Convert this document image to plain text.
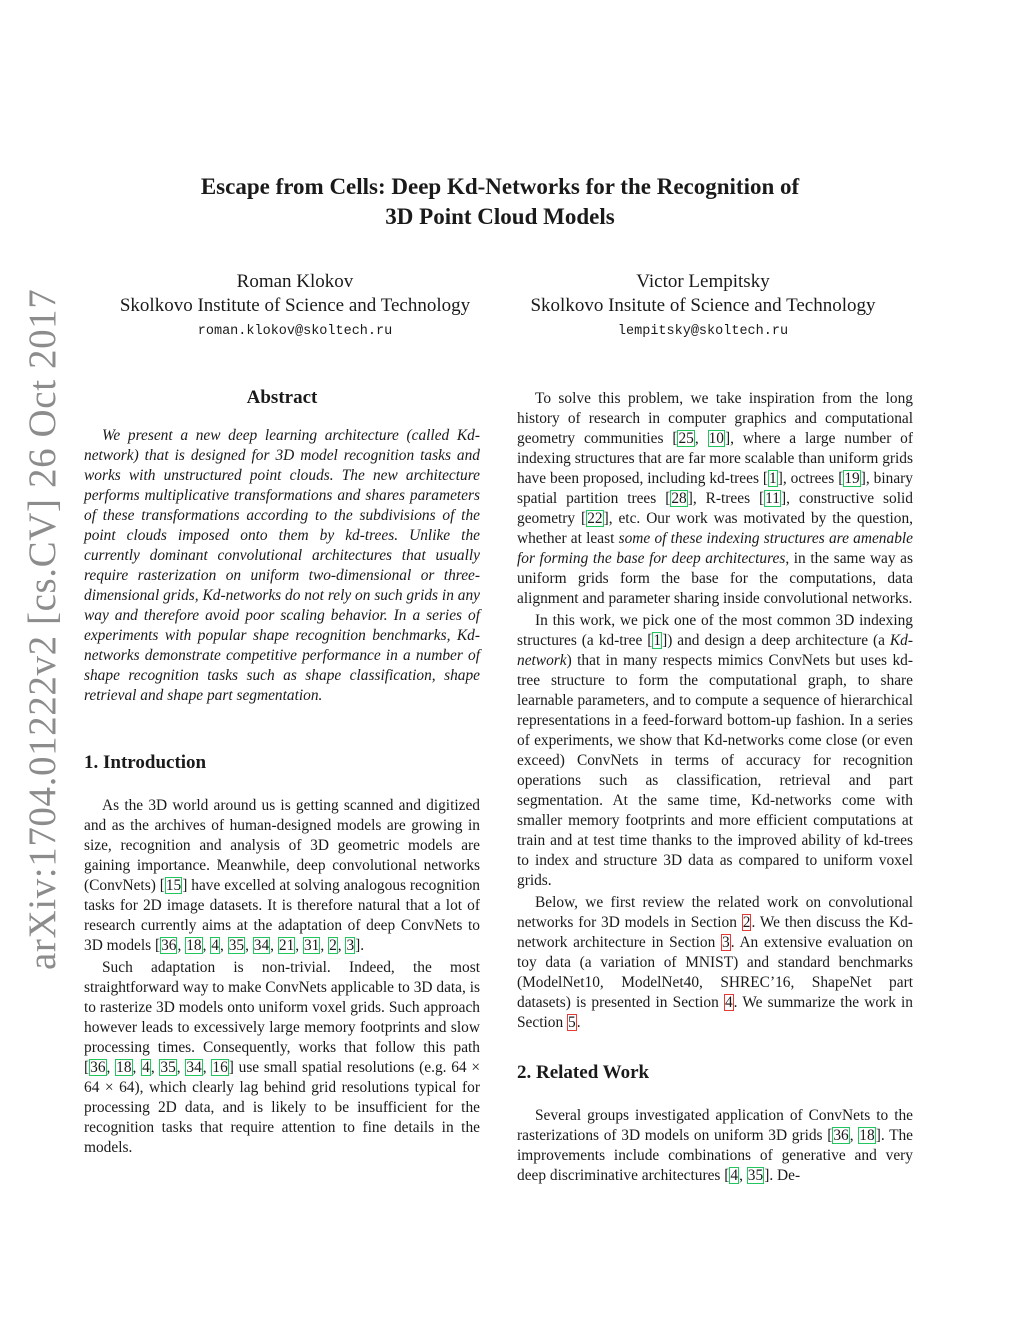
arXiv:1704.01222v2 [cs.CV] 26 Oct 2017
Escape from Cells: Deep Kd-Networks for the Recognition of
3D Point Cloud Models
Roman Klokov
Skolkovo Institute of Science and Technology
roman.klokov@skoltech.ru
Victor Lempitsky
Skolkovo Insitute of Science and Technology
lempitsky@skoltech.ru
Abstract

We present a new deep learning architecture (called Kd-network) that is designed for 3D model recognition tasks and works with unstructured point clouds. The new architecture performs multiplicative transformations and shares parameters of these transformations according to the subdivisions of the point clouds imposed onto them by kd-trees. Unlike the currently dominant convolutional architectures that usually require rasterization on uniform two-dimensional or three-dimensional grids, Kd-networks do not rely on such grids in any way and therefore avoid poor scaling behavior. In a series of experiments with popular shape recognition benchmarks, Kd-networks demonstrate competitive performance in a number of shape recognition tasks such as shape classification, shape retrieval and shape part segmentation.

1. Introduction

As the 3D world around us is getting scanned and digitized and as the archives of human-designed models are growing in size, recognition and analysis of 3D geometric models are gaining importance. Meanwhile, deep convolutional networks (ConvNets) [15] have excelled at solving analogous recognition tasks for 2D image datasets. It is therefore natural that a lot of research currently aims at the adaptation of deep ConvNets to 3D models [36, 18, 4, 35, 34, 21, 31, 2, 3].

Such adaptation is non-trivial. Indeed, the most straightforward way to make ConvNets applicable to 3D data, is to rasterize 3D models onto uniform voxel grids. Such approach however leads to excessively large memory footprints and slow processing times. Consequently, works that follow this path [36, 18, 4, 35, 34, 16] use small spatial resolutions (e.g. 64 × 64 × 64), which clearly lag behind grid resolutions typical for processing 2D data, and is likely to be insufficient for the recognition tasks that require attention to fine details in the models.

To solve this problem, we take inspiration from the long history of research in computer graphics and computational geometry communities [25, 10], where a large number of indexing structures that are far more scalable than uniform grids have been proposed, including kd-trees [1], octrees [19], binary spatial partition trees [28], R-trees [11], constructive solid geometry [22], etc. Our work was motivated by the question, whether at least some of these indexing structures are amenable for forming the base for deep architectures, in the same way as uniform grids form the base for the computations, data alignment and parameter sharing inside convolutional networks.

In this work, we pick one of the most common 3D indexing structures (a kd-tree [1]) and design a deep architecture (a Kd-network) that in many respects mimics ConvNets but uses kd-tree structure to form the computational graph, to share learnable parameters, and to compute a sequence of hierarchical representations in a feed-forward bottom-up fashion. In a series of experiments, we show that Kd-networks come close (or even exceed) ConvNets in terms of accuracy for recognition operations such as classification, retrieval and part segmentation. At the same time, Kd-networks come with smaller memory footprints and more efficient computations at train and at test time thanks to the improved ability of kd-trees to index and structure 3D data as compared to uniform voxel grids.

Below, we first review the related work on convolutional networks for 3D models in Section 2. We then discuss the Kd-network architecture in Section 3. An extensive evaluation on toy data (a variation of MNIST) and standard benchmarks (ModelNet10, ModelNet40, SHREC’16, ShapeNet part datasets) is presented in Section 4. We summarize the work in Section 5.

2. Related Work

Several groups investigated application of ConvNets to the rasterizations of 3D models on uniform 3D grids [36, 18]. The improvements include combinations of generative and very deep discriminative architectures [4, 35]. De-
